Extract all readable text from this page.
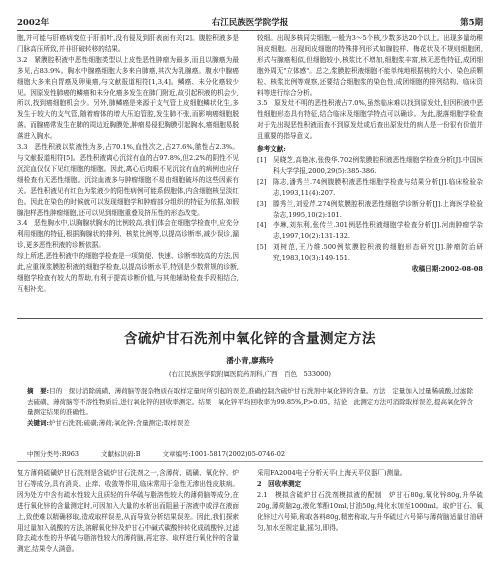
2002年	右江民族医学院学报	第5期

胞,并可能与肝癌病变位于肝前叶,没有侵及到肝表面有关[2]。腹腔积液多是门脉高压所致,并非肝破转移的结果。

3.2　紧膜腔积液中恶性细胞类型以上皮性恶性肿瘤为最多,而且以腺癌为最多见,占83.9%。胸水中腺癌细胞大多来自肺癌,其次为乳腺癌。腹水中腺癌细胞大多来自胃癌及卵巢癌,与文献报道相符[1,3,4]。鳞癌、未分化癌较少见。因原发性肺癌的鳞癌和未分化癌多发生在肺门附近,故引起积液的机会少,所以,找到癌细胞机会少。另外,肺鳞癌是来源于支气管上皮细胞鳞状化生,多发生于较大的支气管,随着瘤体的增大压迫管腔,发生肺不张,而影响癌细胞脱落。而腺癌常发生在肺的周边近胸膜处,肿瘤易侵犯胸膜引起胸水,癌细胞易脱落进入胸水。

3.3　恶性积液以浆液性为多,占70.1%,血性次之,占27.6%,脓性占2.3%。与文献报道相符[5]。恶性积液离心沉淀有血的占97.8%,但2.2%的阴性不见沉淀血仅仅下见红细胞的细胞。因此,离心后肉眼不见沉淀有血的病例也应仔细检查有无恶性细胞。沉淀血液多与肿瘤细胞不易由细胞破坏的这些因素有关。恶性积液见有红色为浆液少的阳性病例可能系假胞体,内含细胞核呈淡红色。因此在染色的时候就可以发现细胞学和肿瘤部分组织的特征为依据,如假腺泡样恶性肿瘤细胞,还可以见到细胞重叠及挤压性的形态改变。

3.4　恶性胸水中,以胸腺状胸水的比例较高,我们体会在细胞学检查中,应充分利用细胞的特征,根据胸腺状的排列、核浆比例等,以提高诊断率,减少误诊,漏诊,更多恶性积液的诊断依据。

综上所述,恶性积液中的细胞学检查是一项简便、快速、诊断率较高的方法,因此,应重视浆膜腔积液的细胞学检查,以提高诊断水平,特别是少数常规的诊断,细胞学检查有较大的帮助,有利于提高诊断价值,与其他辅助检查手段相结合,互相补充。

较细。出现多核同尖细胞,一般为3～5个核,少数多达20个以上。出现多量幼稚间皮细胞。出现间皮细胞的特殊排列形式如腺腔样、梅花状及不规则细胞团,形式与腺癌相似,但细胞较小,核浆比不增加,细胞浆丰富,核无恶性特征,成团细胞外周无"立体感"。总之,浆膜腔积液细胞不能单纯地根据核的大小、染色质颗粒、核浆比例等观察,还要结合细胞浆的染色性,成团细胞的排列结构、临床资料等进行综合分析。

3.5　原发灶不明的恶性积液占7.0%,虽然临床难以找到原发灶,但因积液中恶性细胞形态具有特征,结合临床及细胞学特点可以确诊。为此,脱落细胞学检查对于先出现恶性积液而查不到原发灶或后查出原发灶的病人是一份很有价值并且重要的指导意义。

参考文献:

[1]	吴晓芝,高艳冰,张俊华.702例浆膜腔积液恶性细胞学检查分析[J].中国医科大学学报,2000,29(5):385-386.
[2]	陈志,潘秀兰.74例腹膜积液恶性细胞学检查与结果分析[J].临床检验杂志,1993,11(4):207.
[3]	滕秀兰,刘爱芹.274例浆膜腔积液恶性细胞学诊断分析[J].上海医学检验杂志,1995,10(2):101.
[4]	李琳,刘东利,张传兰.301例恶性积液细胞学检查分析[J].河南肿瘤学杂志,1997,10(2):131-132.
[5]	刘树范,王乃维.500例浆膜腔积液的细胞形态研究[J].肿瘤防治研究,1983,10(3):149-151.

收稿日期:2002-08-08

含硫炉甘石洗剂中氧化锌的含量测定方法
潘小青,廖燕玲
(右江民族医学院附属医院药剂科,广西　百色　533000)

摘　要:目的　探讨消除硫磺、薄荷脑等混杂物质在取样定量时所引起的误差,准确控制含硫炉甘石洗剂中氧化锌的含量。方法　定量加入过量稀硫酸,过滤除去硫磺、薄荷脑等不溶性物质后,进行氧化锌的回收率测定。结果　氧化锌平均回收率为99.85%,P>0.05。结论　此测定方法可消除取样误差,提高氧化锌含量测定结果的准确性。

关键词:炉甘石洗剂;硫磺;薄荷;氧化锌;含量测定;取样误差

中图分类号:R963	文献标识码:B	文章编号:1001-5817(2002)05-0746-02

复方薄荷硫磺炉甘石洗剂是含硫炉甘石洗剂之一,含薄荷、硫磺、氧化锌、炉甘石等成分,具有消炎、止痒、收敛等作用,临床常用于急性无渗出性皮肤病。因为处方中含有疏水性较大且质轻的升华硫与脂溶性较大的薄荷脑等成分,在进行氧化锌的含量测定时,可因加入大量的水析出而阻悬于溶液中或浮在液面上,致使难以精确移取,造成取样误差,从而导致分析结果误差。因此,我们探索用过量加入硫酸的方法,溶解氧化锌及炉甘石中碱式碳酸锌转化成硫酸锌,过滤除去疏水性的升华硫与脂溶性较大的薄荷脑,再定容、取样进行氧化锌的含量测定,结果令人满意。

采用FA2004电子分析天平(上海天平仪器厂)测量。

2　回收率测定

2.1　模拟含硫炉甘石洗剂模拟液的配制　炉甘石80g,氧化锌80g,升华硫20g,薄荷脑2g,液化苯酚10ml,甘油50g,纯化水加至1000ml。取炉甘石、氧化锌过六号筛,称取各料80g,精密称取,与升华硫过六号筛与薄荷脑适量甘油研匀,加水至规定量,摇匀,即得。
